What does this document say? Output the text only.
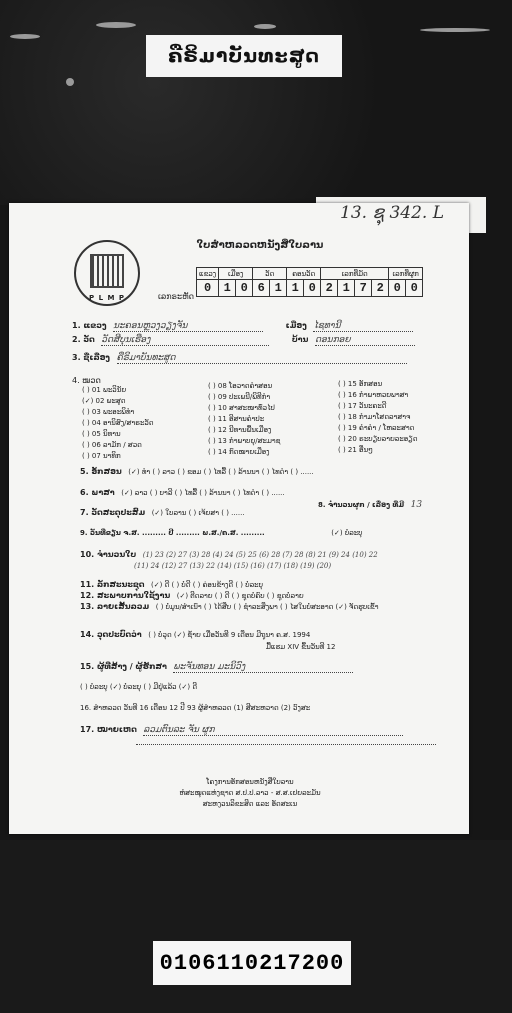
ຄືຣິມາບັນທະສູດ
13. ຊຸ 342. L
P L M P
ໃບສຳຫລວດຫນັງສືໃບລານ
ເລກຣະຫັດ
ແຂວງ	ເມືອງ		ວັດ		ຄອນວັດ		ເລກທີ່ມັດ				ເລກທີ່ຜູກ	
0	1	0	6	1	1	0	2	1	7	2	0	0
1. ແຂວງ ນະຄອນຫຼວງວຽງຈັນ	ເມືອງ ໄຊທານີ
2. ວັດ ວັດສີບຸນເຮືອງ	ບ້ານ ດອນກອຍ
3. ຊື່ເລື່ອງ ຄືຣິມາບັນທະສູດ
4. ໝວດ
( ) 01 ພະວິນັຍ
(✓) 02 ພະສູດ
( ) 03 ພະອະພິທຳ
( ) 04 ອານິສົງ/ສາຣະວັດ
( ) 05 ນິທານ
( ) 06 ລາມັກ / ສວດ
( ) 07 ນາທິກ
( ) 08 ໂອວາດຄຳສອນ
( ) 09 ປະເພນີ/ພິທີກຳ
( ) 10 ສາສະໜາທົ່ວໄປ
( ) 11 ອີສານຄຳປະ
( ) 12 ນີທານພື້ນເມືອງ
( ) 13 ກຳພາບຍຸ/ສະມາຊ
( ) 14 ກົດໝາຍເມືອງ
( ) 15 ອັກສອນ
( ) 16 ກຳພາຫວຍພາສາ
( ) 17 ວັນະຄະດີ
( ) 18 ກຳມາໂສດລາສາຈ
( ) 19 ຄຳຄຳ / ໂຫລະສາດ
( ) 20 ຣະບຽບລາຍລະອຽດ
( ) 21 ອື່ນໆ
5. ອັກສອນ (✓) ທຳ ( ) ລາວ ( ) ຂອມ ( ) ໄທລື້ ( ) ລ້ານນາ ( ) ໄທດຳ ( ) ......
6. ພາສາ (✓) ລາວ ( ) ບາລີ ( ) ໄທລື້ ( ) ລ້ານນາ ( ) ໄທດຳ ( ) ......
7. ວັດສະດຸປະສົມ (✓) ໃບລານ ( ) ເຈ້ຍສາ ( ) ......
8. ຈຳນວນຜູກ / ເລື່ອງ ທີ່ມີ 13
9. ວັນທີ່ຂຽນ ຈ.ສ. ......... ປີ ......... ພ.ສ./ຄ.ສ. .........	(✓) ບໍ່ລະບຸ
10. ຈຳນວນໃບ (1) 23 (2) 27 (3) 28 (4) 24 (5) 25 (6) 28 (7) 28 (8) 21 (9) 24 (10) 22
(11) 24 (12) 27 (13) 22 (14) (15) (16) (17) (18) (19) (20)
11. ລັກສະນະຊຸດ (✓) ດີ ( ) ບໍ່ດີ ( ) ຄ່ອນຂ້າງດີ ( ) ບໍ່ລະບຸ
12. ສະພາບການໃຊ້ງານ (✓) ຕີດລາຍ ( ) ດີ ( ) ຊຸດບໍ່ຄົບ ( ) ຊຸດບໍ່ລາຍ
13. ລາຍເສັ້ນລວມ ( ) ບໍ່ມູນ/ສຳເນົາ ( ) ໄດ້ສືບ ( ) ຊຳລະສິ່ງພາ ( ) ໄສໃນບໍ່ສະອາດ (✓) ຈັດຮູບເຂົ້າ
14. ວຸດປະບົດວ່າ ( ) ບໍ່ວຸດ (✓) ຊ້ຳຍ ເມື່ອວັນທີ 9 ເດືອນ ມີຖຸນາ ຄ.ສ. 1994
ມື້ແຮມ XIV ຂຶ້ນວັນທີ 12
15. ຜູ້ທີ່ສ້າງ / ຜູ້ຮັກສາ ພະຈັນທອນ ມະນິວົງ
( ) ບໍ່ລະບຸ (✓) ບໍ່ລະບຸ ( ) ມີຢູ່ແລ້ວ (✓) ດີ
16. ສຳຫລວດ ວັນທີ 16 ເດືອນ 12 ປີ 93 ຜູ້ສຳຫລວດ (1) ສີສະຫວາດ (2) ວົງສະ
17. ໝາຍເຫດ ລວມຕົນລະ ຈັນ ຜູກ
ໂຄງການອັກສອນຫນັງສືໃບລານ
ຫໍສະໝຸດແຫ່ງຊາດ ສ.ປ.ປ.ລາວ - ສ.ສ.ເຢຍລະມັນ
ສະຫງວນລິຂະສິດ ແລະ ອັດສະເນ
0106110217200
